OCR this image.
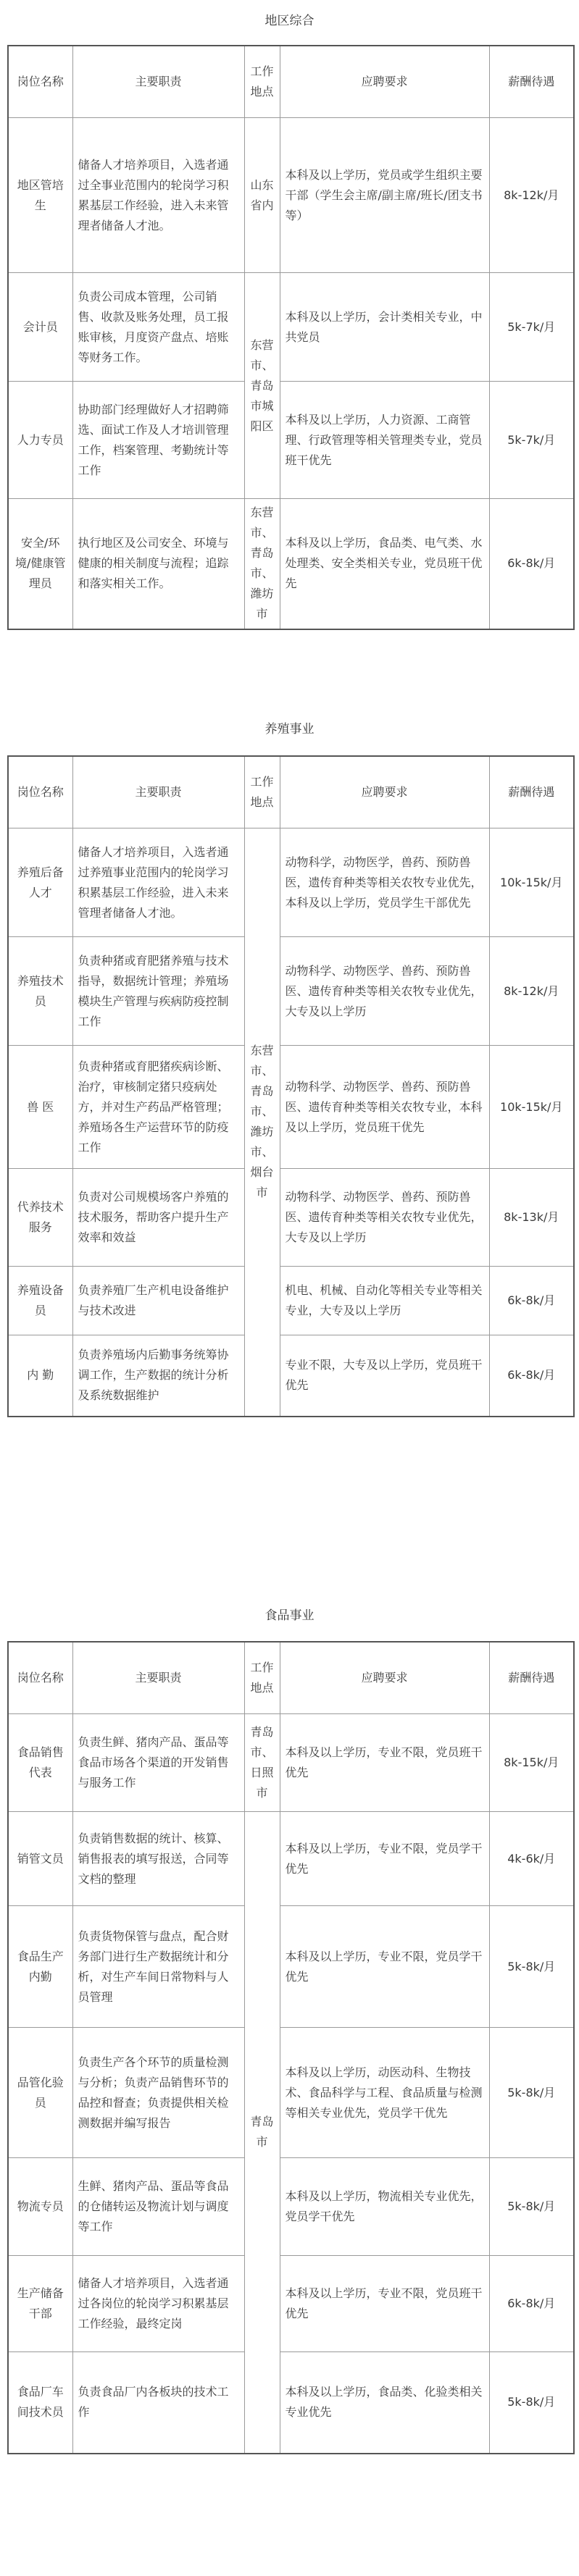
地区综合
岗位名称	主要职责	工作地点	应聘要求	薪酬待遇
地区管培生	储备人才培养项目，入选者通过全事业范围内的轮岗学习积累基层工作经验，进入未来管理者储备人才池。	山东省内	本科及以上学历，党员或学生组织主要干部（学生会主席/副主席/班长/团支书等）	8k-12k/月
会计员	负责公司成本管理，公司销售、收款及账务处理，员工报账审核，月度资产盘点、培账等财务工作。	东营市、青岛市城阳区	本科及以上学历，会计类相关专业，中共党员	5k-7k/月
人力专员	协助部门经理做好人才招聘筛选、面试工作及人才培训管理工作，档案管理、考勤统计等工作		本科及以上学历，人力资源、工商管理、行政管理等相关管理类专业，党员班干优先	5k-7k/月
安全/环境/健康管理员	执行地区及公司安全、环境与健康的相关制度与流程；追踪和落实相关工作。	东营市、青岛市、潍坊市	本科及以上学历，食品类、电气类、水处理类、安全类相关专业，党员班干优先	6k-8k/月
养殖事业
岗位名称	主要职责	工作地点	应聘要求	薪酬待遇
养殖后备人才	储备人才培养项目，入选者通过养殖事业范围内的轮岗学习积累基层工作经验，进入未来管理者储备人才池。	东营市、青岛市、潍坊市、烟台市	动物科学，动物医学，兽药、预防兽医，遗传育种类等相关农牧专业优先，本科及以上学历，党员学生干部优先	10k-15k/月
养殖技术员	负责种猪或育肥猪养殖与技术指导，数据统计管理；养殖场模块生产管理与疾病防疫控制工作		动物科学、动物医学、兽药、预防兽医、遗传育种类等相关农牧专业优先，大专及以上学历	8k-12k/月
兽 医	负责种猪或育肥猪疾病诊断、治疗，审核制定猪只疫病处方，并对生产药品严格管理；养殖场各生产运营环节的防疫工作		动物科学、动物医学、兽药、预防兽医、遗传育种类等相关农牧专业，本科及以上学历，党员班干优先	10k-15k/月
代养技术服务	负责对公司规模场客户养殖的技术服务，帮助客户提升生产效率和效益		动物科学、动物医学、兽药、预防兽医、遗传育种类等相关农牧专业优先，大专及以上学历	8k-13k/月
养殖设备员	负责养殖厂生产机电设备维护与技术改进		机电、机械、自动化等相关专业等相关专业，大专及以上学历	6k-8k/月
内 勤	负责养殖场内后勤事务统筹协调工作，生产数据的统计分析及系统数据维护		专业不限，大专及以上学历，党员班干优先	6k-8k/月
食品事业
岗位名称	主要职责	工作地点	应聘要求	薪酬待遇
食品销售代表	负责生鲜、猪肉产品、蛋品等食品市场各个渠道的开发销售与服务工作	青岛市、日照市	本科及以上学历，专业不限，党员班干优先	8k-15k/月
销管文员	负责销售数据的统计、核算、销售报表的填写报送，合同等文档的整理	青岛市	本科及以上学历，专业不限，党员学干优先	4k-6k/月
食品生产内勤	负责货物保管与盘点，配合财务部门进行生产数据统计和分析，对生产车间日常物料与人员管理		本科及以上学历，专业不限，党员学干优先	5k-8k/月
品管化验员	负责生产各个环节的质量检测与分析；负责产品销售环节的品控和督查；负责提供相关检测数据并编写报告		本科及以上学历，动医动科、生物技术、食品科学与工程、食品质量与检测等相关专业优先，党员学干优先	5k-8k/月
物流专员	生鲜、猪肉产品、蛋品等食品的仓储转运及物流计划与调度等工作		本科及以上学历，物流相关专业优先，党员学干优先	5k-8k/月
生产储备干部	储备人才培养项目，入选者通过各岗位的轮岗学习积累基层工作经验，最终定岗		本科及以上学历，专业不限，党员班干优先	6k-8k/月
食品厂车间技术员	负责食品厂内各板块的技术工作		本科及以上学历，食品类、化验类相关专业优先	5k-8k/月
